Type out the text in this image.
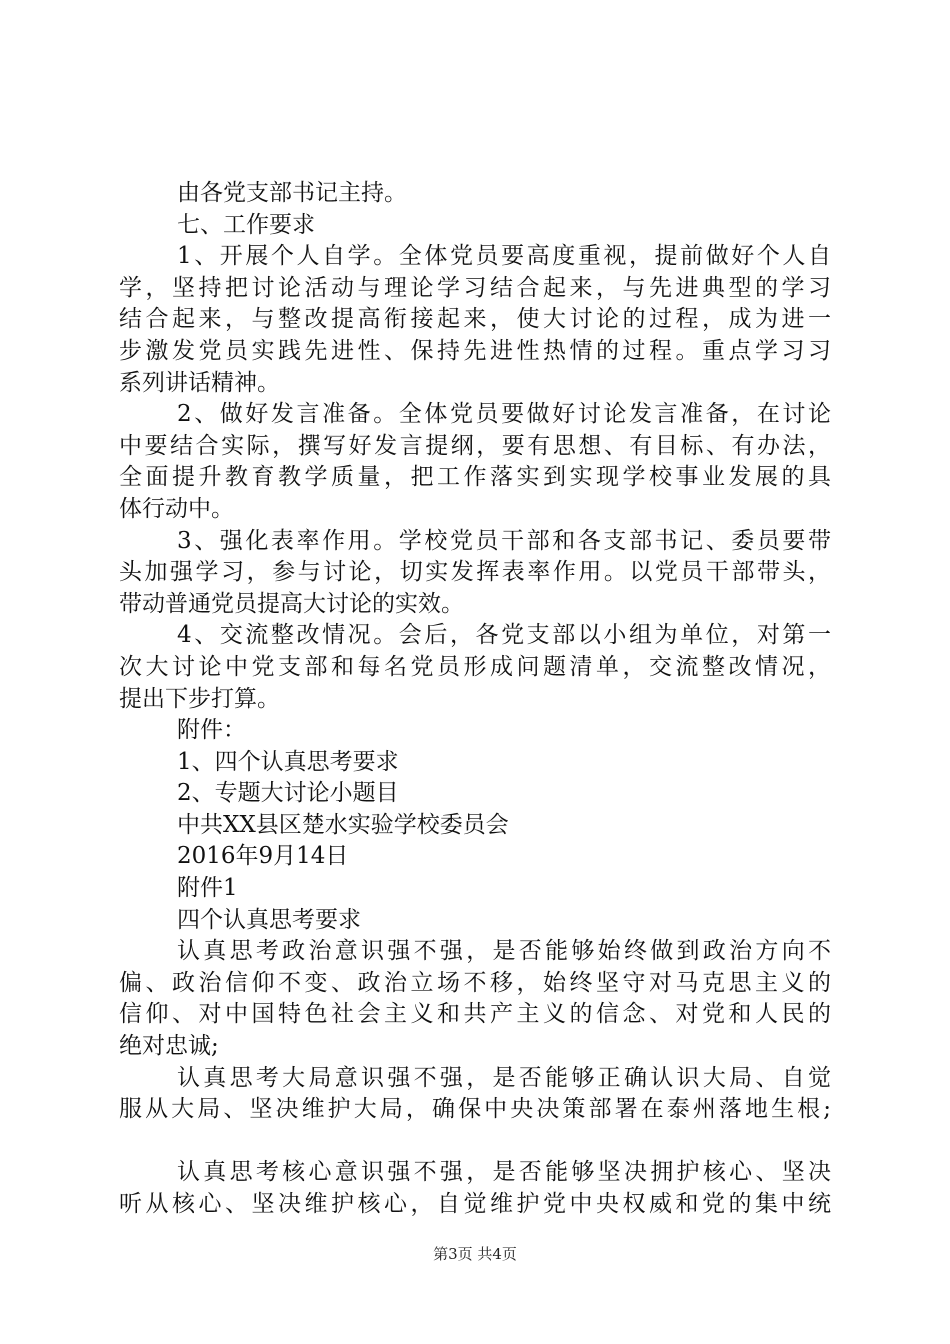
由各党支部书记主持。
七、工作要求
1、开展个人自学。全体党员要高度重视，提前做好个人自
学，坚持把讨论活动与理论学习结合起来，与先进典型的学习
结合起来，与整改提高衔接起来，使大讨论的过程，成为进一
步激发党员实践先进性、保持先进性热情的过程。重点学习习
系列讲话精神。
2、做好发言准备。全体党员要做好讨论发言准备，在讨论
中要结合实际，撰写好发言提纲，要有思想、有目标、有办法，
全面提升教育教学质量，把工作落实到实现学校事业发展的具
体行动中。
3、强化表率作用。学校党员干部和各支部书记、委员要带
头加强学习，参与讨论，切实发挥表率作用。以党员干部带头，
带动普通党员提高大讨论的实效。
4、交流整改情况。会后，各党支部以小组为单位，对第一
次大讨论中党支部和每名党员形成问题清单，交流整改情况，
提出下步打算。
附件：
1、四个认真思考要求
2、专题大讨论小题目
中共XX县区楚水实验学校委员会
2016年9月14日
附件1
四个认真思考要求
认真思考政治意识强不强，是否能够始终做到政治方向不
偏、政治信仰不变、政治立场不移，始终坚守对马克思主义的
信仰、对中国特色社会主义和共产主义的信念、对党和人民的
绝对忠诚;
认真思考大局意识强不强，是否能够正确认识大局、自觉
服从大局、坚决维护大局，确保中央决策部署在泰州落地生根;
认真思考核心意识强不强，是否能够坚决拥护核心、坚决
听从核心、坚决维护核心，自觉维护党中央权威和党的集中统
第3页 共4页
